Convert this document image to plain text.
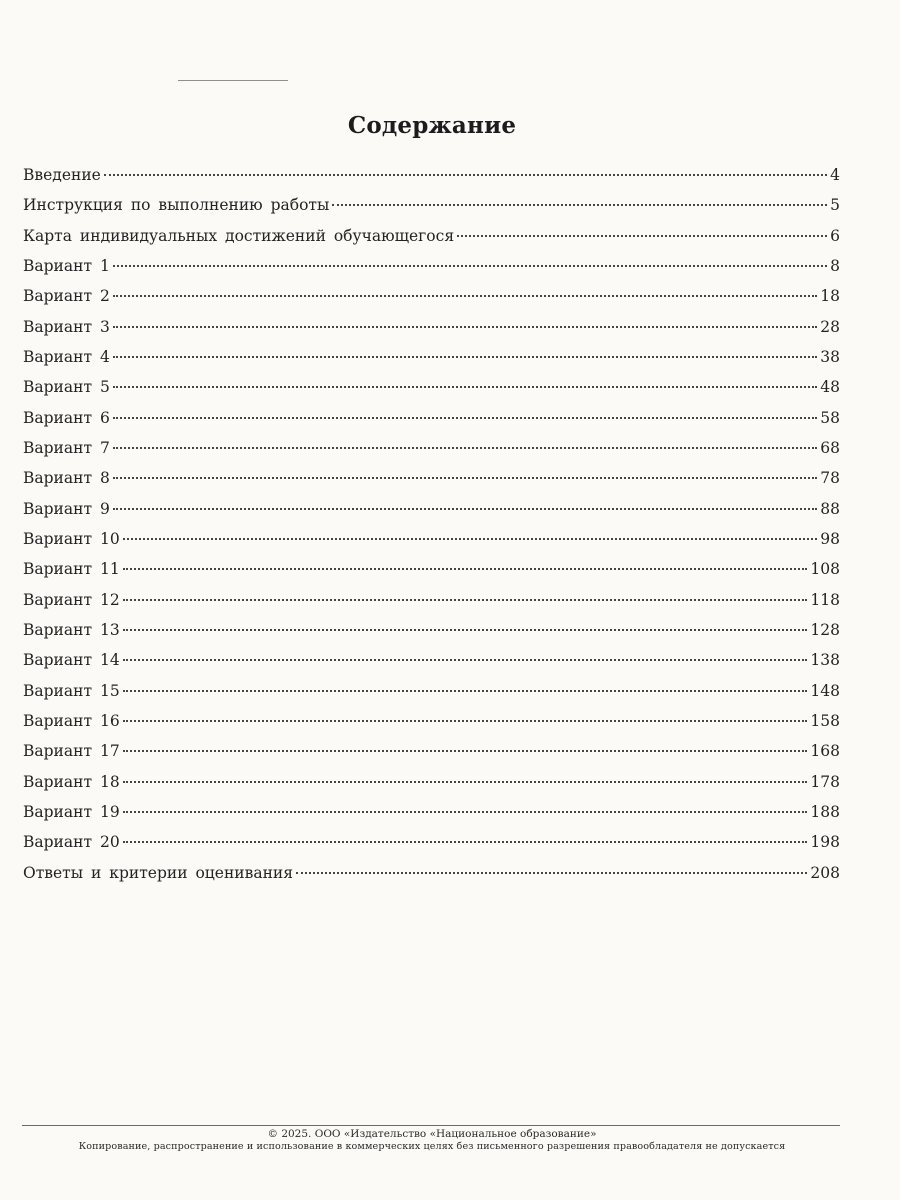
Содержание
Введение	4
Инструкция по выполнению работы	5
Карта индивидуальных достижений обучающегося	6
Вариант 1	8
Вариант 2	18
Вариант 3	28
Вариант 4	38
Вариант 5	48
Вариант 6	58
Вариант 7	68
Вариант 8	78
Вариант 9	88
Вариант 10	98
Вариант 11	108
Вариант 12	118
Вариант 13	128
Вариант 14	138
Вариант 15	148
Вариант 16	158
Вариант 17	168
Вариант 18	178
Вариант 19	188
Вариант 20	198
Ответы и критерии оценивания	208
© 2025. ООО «Издательство «Национальное образование»
Копирование, распространение и использование в коммерческих целях без письменного разрешения правообладателя не допускается
